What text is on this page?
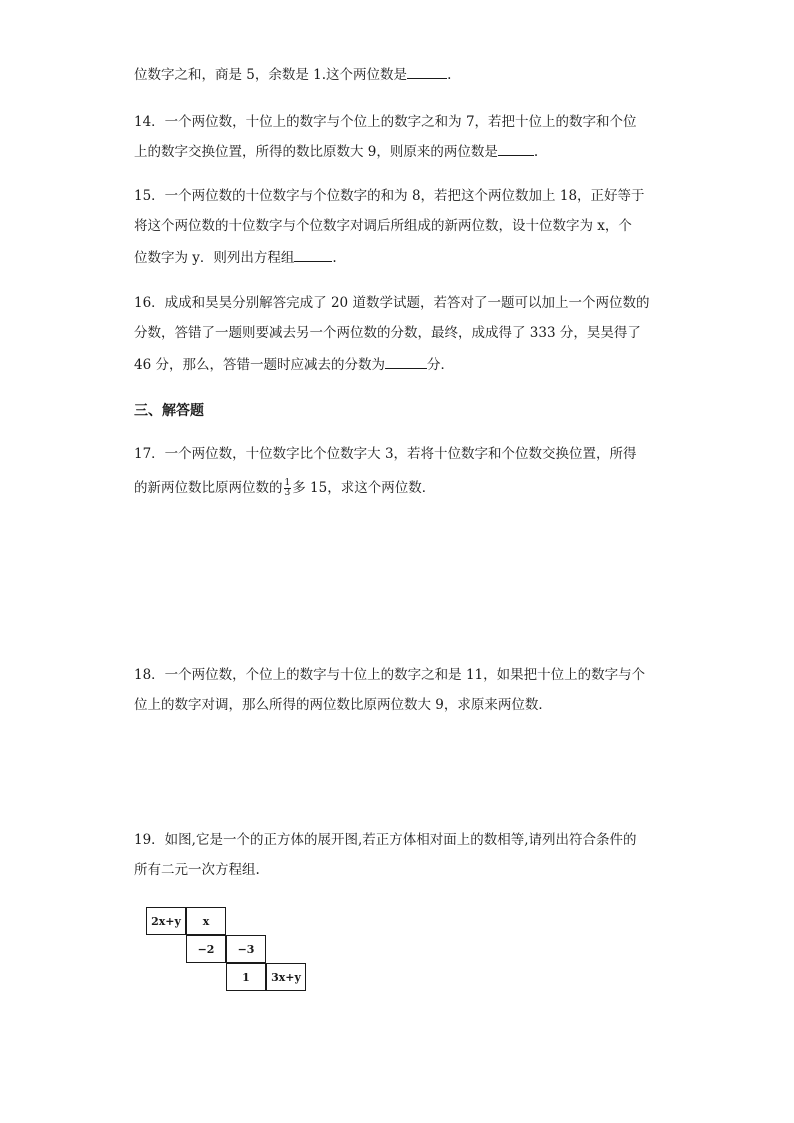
位数字之和，商是 5，余数是 1.这个两位数是	.
14．一个两位数，十位上的数字与个位上的数字之和为 7，若把十位上的数字和个位
上的数字交换位置，所得的数比原数大 9，则原来的两位数是	.
15．一个两位数的十位数字与个位数字的和为 8，若把这个两位数加上 18，正好等于
将这个两位数的十位数字与个位数字对调后所组成的新两位数，设十位数字为 x，个
位数字为 y．则列出方程组	.
16．成成和昊昊分别解答完成了 20 道数学试题，若答对了一题可以加上一个两位数的
分数，答错了一题则要减去另一个两位数的分数，最终，成成得了 333 分，昊昊得了
46 分，那么，答错一题时应减去的分数为	分．
三、解答题
17．一个两位数，十位数字比个位数字大 3，若将十位数字和个位数交换位置，所得
的新两位数比原两位数的 $\frac{1}{3}$ 多 15，求这个两位数．
18．一个两位数，个位上的数字与十位上的数字之和是 11，如果把十位上的数字与个
位上的数字对调，那么所得的两位数比原两位数大 9，求原来两位数．
19．如图,它是一个的正方体的展开图,若正方体相对面上的数相等,请列出符合条件的
所有二元一次方程组.
2x+y	x
−2	−3
1	3x+y
